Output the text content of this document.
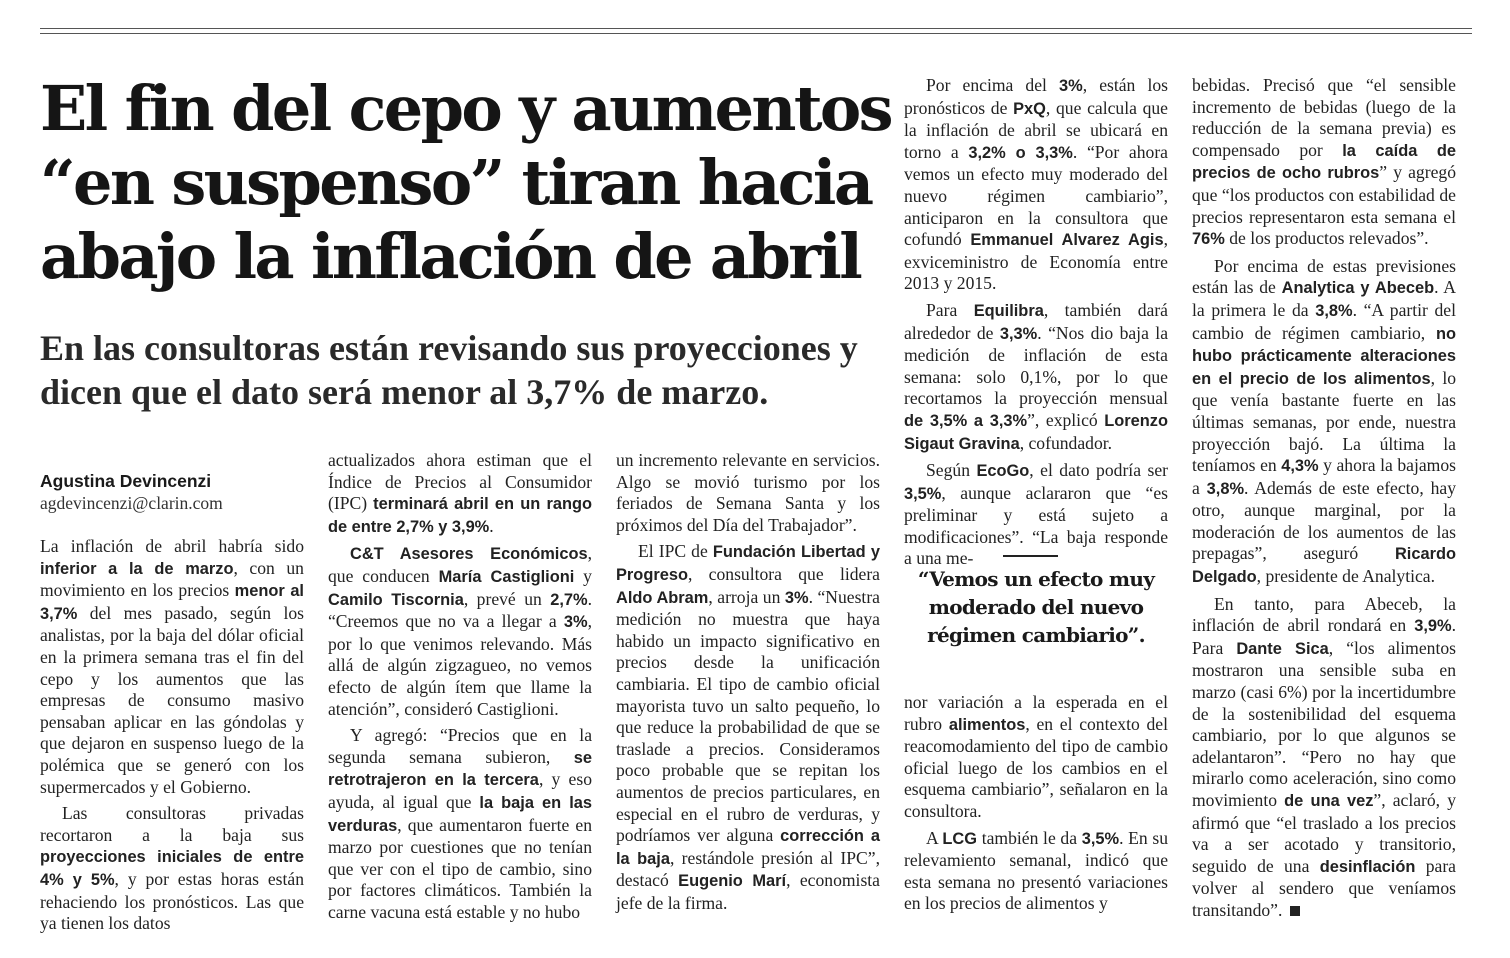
El fin del cepo y aumentos
“en suspenso” tiran hacia
abajo la inflación de abril
En las consultoras están revisando sus proyecciones y
dicen que el dato será menor al 3,7% de marzo.
Agustina Devincenzi
agdevincenzi@clarin.com

La inflación de abril habría sido inferior a la de marzo, con un movimiento en los precios menor al 3,7% del mes pasado, según los analistas, por la baja del dólar oficial en la primera semana tras el fin del cepo y los aumentos que las empresas de consumo masivo pensaban aplicar en las góndolas y que dejaron en suspenso luego de la polémica que se generó con los supermercados y el Gobierno.

Las consultoras privadas recortaron a la baja sus proyecciones iniciales de entre 4% y 5%, y por estas horas están rehaciendo los pronósticos. Las que ya tienen los datos

actualizados ahora estiman que el Índice de Precios al Consumidor (IPC) terminará abril en un rango de entre 2,7% y 3,9%.

C&T Asesores Económicos, que conducen María Castiglioni y Camilo Tiscornia, prevé un 2,7%. “Creemos que no va a llegar a 3%, por lo que venimos relevando. Más allá de algún zigzagueo, no vemos efecto de algún ítem que llame la atención”, consideró Castiglioni.

Y agregó: “Precios que en la segunda semana subieron, se retrotrajeron en la tercera, y eso ayuda, al igual que la baja en las verduras, que aumentaron fuerte en marzo por cuestiones que no tenían que ver con el tipo de cambio, sino por factores climáticos. También la carne vacuna está estable y no hubo

un incremento relevante en servicios. Algo se movió turismo por los feriados de Semana Santa y los próximos del Día del Trabajador”.

El IPC de Fundación Libertad y Progreso, consultora que lidera Aldo Abram, arroja un 3%. “Nuestra medición no muestra que haya habido un impacto significativo en precios desde la unificación cambiaria. El tipo de cambio oficial mayorista tuvo un salto pequeño, lo que reduce la probabilidad de que se traslade a precios. Consideramos poco probable que se repitan los aumentos de precios particulares, en especial en el rubro de verduras, y podríamos ver alguna corrección a la baja, restándole presión al IPC”, destacó Eugenio Marí, economista jefe de la firma.

Por encima del 3%, están los pronósticos de PxQ, que calcula que la inflación de abril se ubicará en torno a 3,2% o 3,3%. “Por ahora vemos un efecto muy moderado del nuevo régimen cambiario”, anticiparon en la consultora que cofundó Emmanuel Alvarez Agis, exviceministro de Economía entre 2013 y 2015.

Para Equilibra, también dará alrededor de 3,3%. “Nos dio baja la medición de inflación de esta semana: solo 0,1%, por lo que recortamos la proyección mensual de 3,5% a 3,3%”, explicó Lorenzo Sigaut Gravina, cofundador.

Según EcoGo, el dato podría ser 3,5%, aunque aclararon que “es preliminar y está sujeto a modificaciones”. “La baja responde a una me-

“Vemos un efecto muy
moderado del nuevo
régimen cambiario”.

nor variación a la esperada en el rubro alimentos, en el contexto del reacomodamiento del tipo de cambio oficial luego de los cambios en el esquema cambiario”, señalaron en la consultora.

A LCG también le da 3,5%. En su relevamiento semanal, indicó que esta semana no presentó variaciones en los precios de alimentos y

bebidas. Precisó que “el sensible incremento de bebidas (luego de la reducción de la semana previa) es compensado por la caída de precios de ocho rubros” y agregó que “los productos con estabilidad de precios representaron esta semana el 76% de los productos relevados”.

Por encima de estas previsiones están las de Analytica y Abeceb. A la primera le da 3,8%. “A partir del cambio de régimen cambiario, no hubo prácticamente alteraciones en el precio de los alimentos, lo que venía bastante fuerte en las últimas semanas, por ende, nuestra proyección bajó. La última la teníamos en 4,3% y ahora la bajamos a 3,8%. Además de este efecto, hay otro, aunque marginal, por la moderación de los aumentos de las prepagas”, aseguró Ricardo Delgado, presidente de Analytica.

En tanto, para Abeceb, la inflación de abril rondará en 3,9%. Para Dante Sica, “los alimentos mostraron una sensible suba en marzo (casi 6%) por la incertidumbre de la sostenibilidad del esquema cambiario, por lo que algunos se adelantaron”. “Pero no hay que mirarlo como aceleración, sino como movimiento de una vez”, aclaró, y afirmó que “el traslado a los precios va a ser acotado y transitorio, seguido de una desinflación para volver al sendero que veníamos transitando”.
